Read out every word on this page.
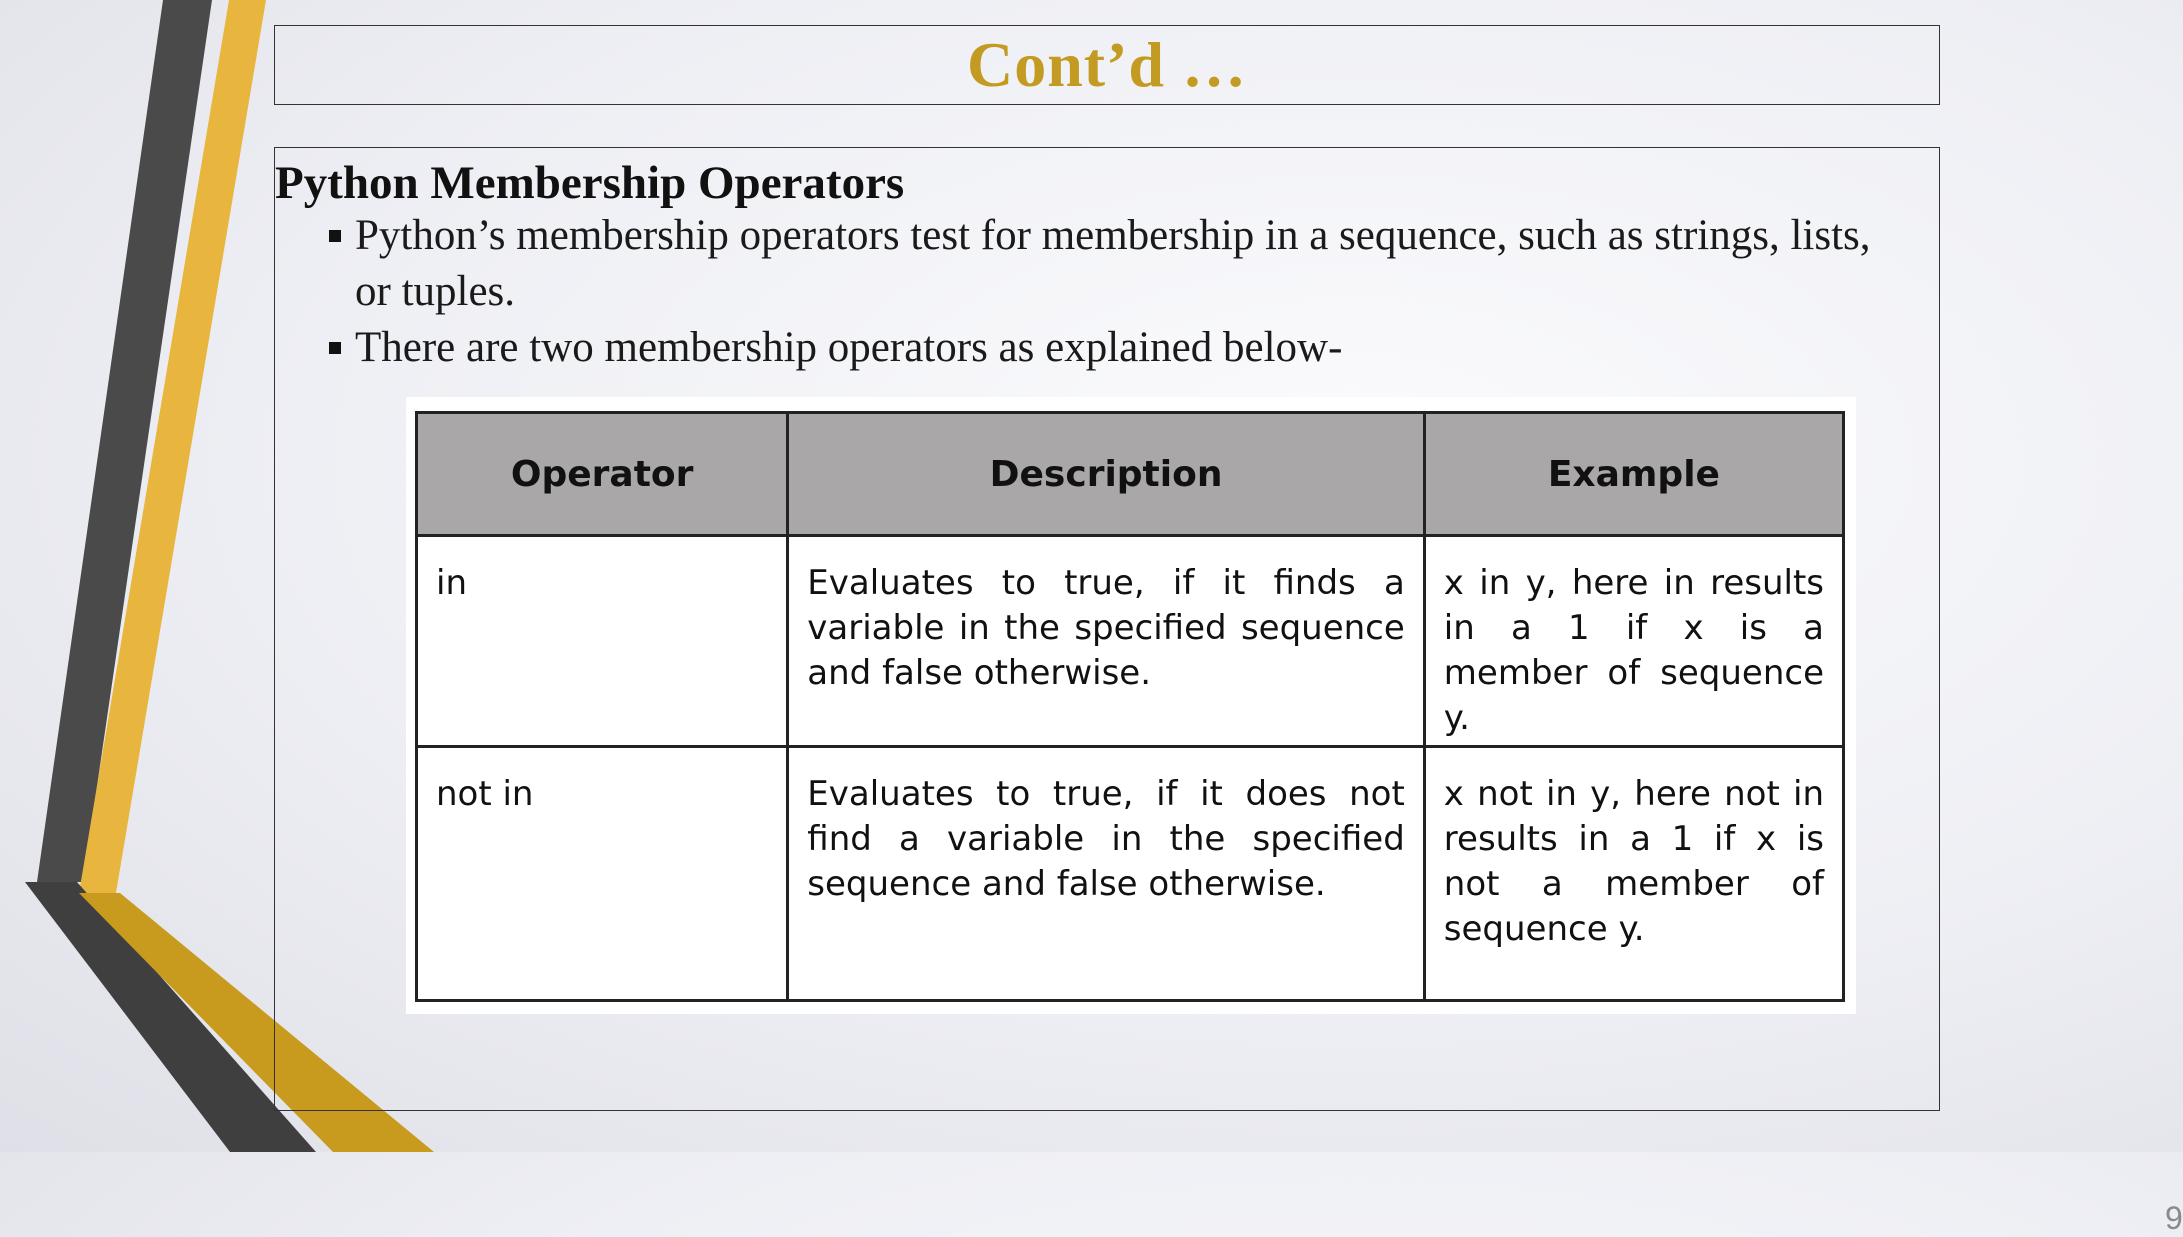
Cont’d …
Python Membership Operators
Python’s membership operators test for membership in a sequence, such as strings, lists, or tuples.
There are two membership operators as explained below-
9
Operator	Description	Example
in	Evaluates to true, if it finds a variable in the specified sequence and false otherwise.	x in y, here in results in a 1 if x is a member of sequence y.
not in	Evaluates to true, if it does not find a variable in the specified sequence and false otherwise.	x not in y, here not in results in a 1 if x is not a member of sequence y.
